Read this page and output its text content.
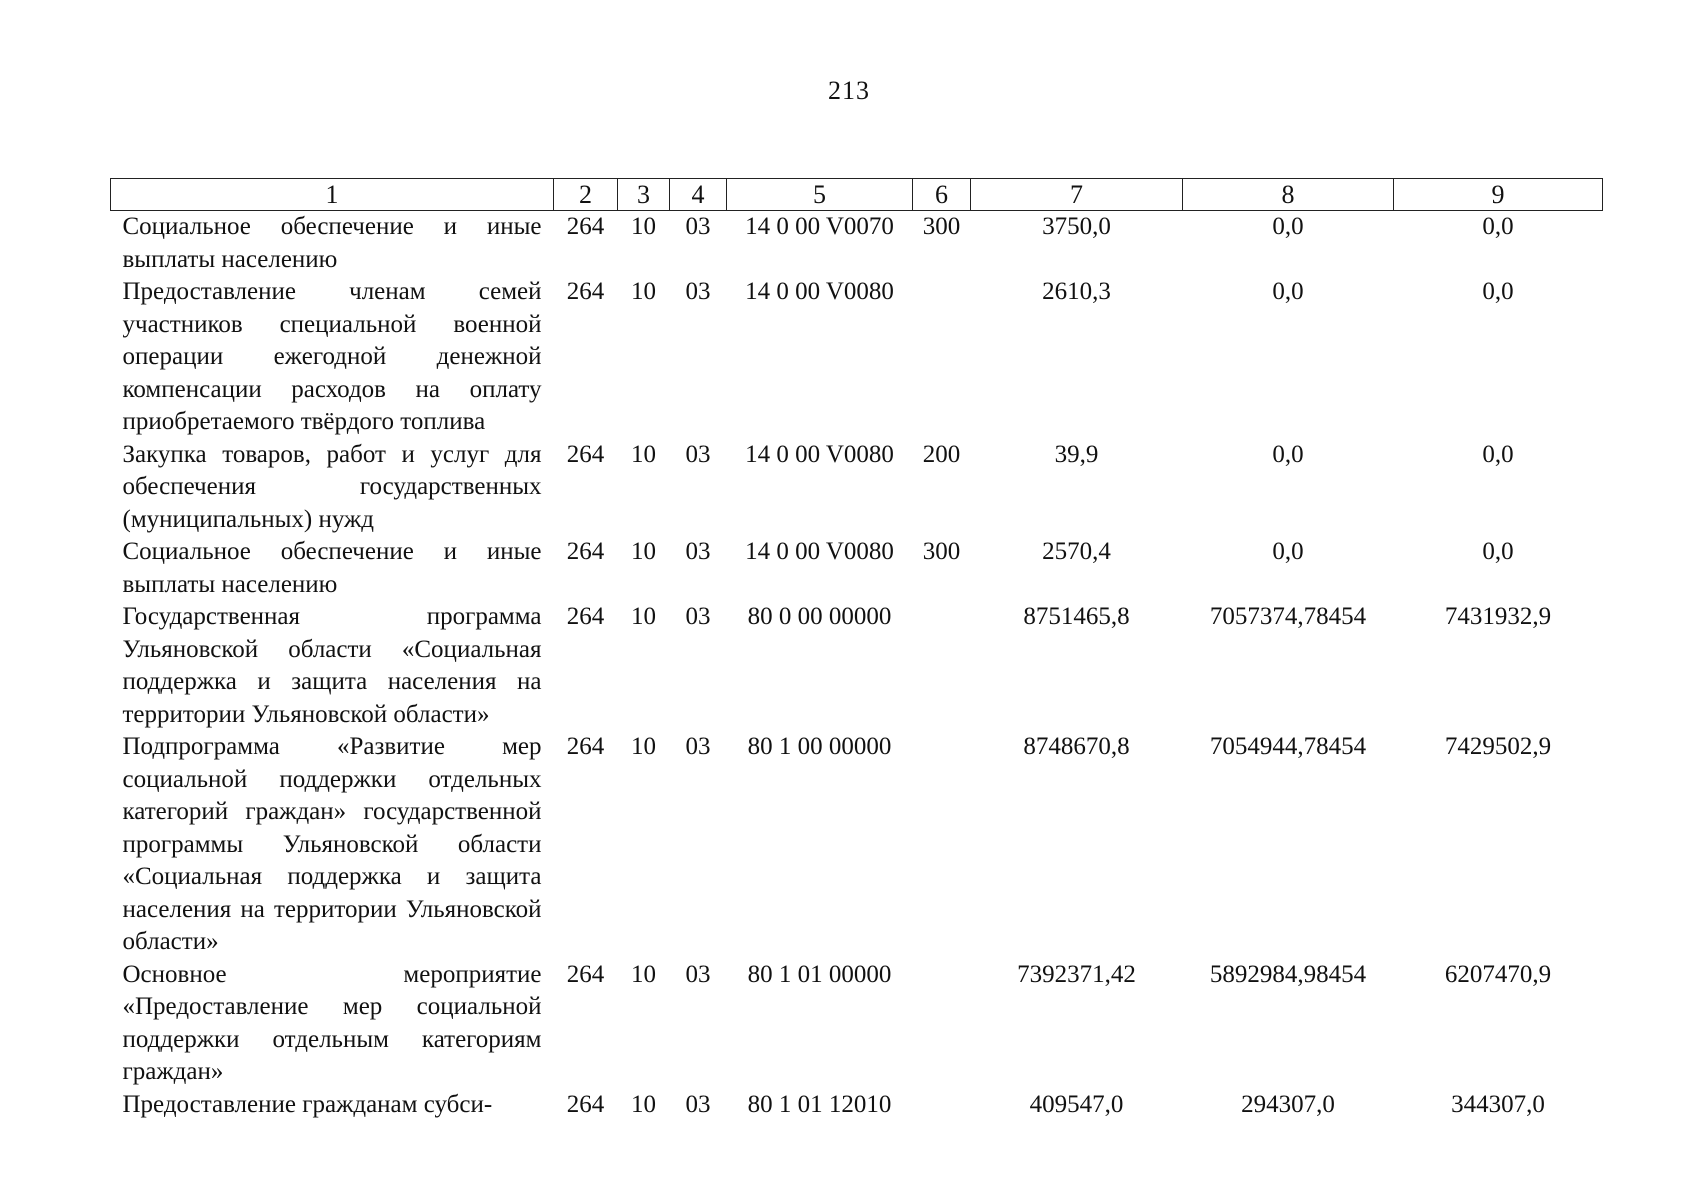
213
1	2	3	4	5	6	7	8	9
Социальное обеспечение и иные выплаты населению	264	10	03	14 0 00 V0070	300	3750,0	0,0	0,0
Предоставление членам семей участников специальной военной операции ежегодной денежной компенсации расходов на оплату приобретаемого твёрдого топлива	264	10	03	14 0 00 V0080		2610,3	0,0	0,0
Закупка товаров, работ и услуг для обеспечения государственных (муниципальных) нужд	264	10	03	14 0 00 V0080	200	39,9	0,0	0,0
Социальное обеспечение и иные выплаты населению	264	10	03	14 0 00 V0080	300	2570,4	0,0	0,0
Государственная программа Ульяновской области «Социальная поддержка и защита населения на территории Ульяновской области»	264	10	03	80 0 00 00000		8751465,8	7057374,78454	7431932,9
Подпрограмма «Развитие мер социальной поддержки отдельных категорий граждан» государственной программы Ульяновской области «Социальная поддержка и защита населения на территории Ульяновской области»	264	10	03	80 1 00 00000		8748670,8	7054944,78454	7429502,9
Основное мероприятие «Предоставление мер социальной поддержки отдельным категориям граждан»	264	10	03	80 1 01 00000		7392371,42	5892984,98454	6207470,9
Предоставление гражданам субси-	264	10	03	80 1 01 12010		409547,0	294307,0	344307,0
